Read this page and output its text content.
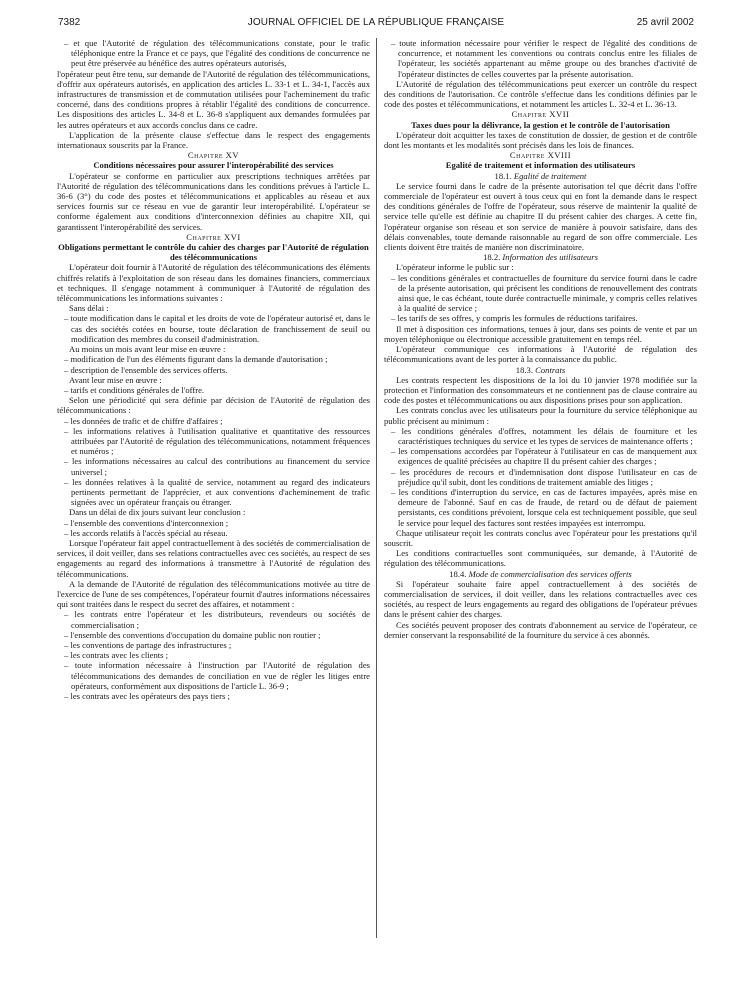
7382	JOURNAL OFFICIEL DE LA RÉPUBLIQUE FRANÇAISE	25 avril 2002

– et que l'Autorité de régulation des télécommunications constate, pour le trafic téléphonique entre la France et ce pays, que l'égalité des conditions de concurrence ne peut être préservée au bénéfice des autres opérateurs autorisés,

l'opérateur peut être tenu, sur demande de l'Autorité de régulation des télécommunications, d'offrir aux opérateurs autorisés, en application des articles L. 33-1 et L. 34-1, l'accès aux infrastructures de transmission et de commutation utilisées pour l'acheminement du trafic concerné, dans des conditions propres à rétablir l'égalité des conditions de concurrence. Les dispositions des articles L. 34-8 et L. 36-8 s'appliquent aux demandes formulées par les autres opérateurs et aux accords conclus dans ce cadre.

L'application de la présente clause s'effectue dans le respect des engagements internationaux souscrits par la France.

Chapitre XV

Conditions nécessaires pour assurer l'interopérabilité des services

L'opérateur se conforme en particulier aux prescriptions techniques arrêtées par l'Autorité de régulation des télécommunications dans les conditions prévues à l'article L. 36-6 (3°) du code des postes et télécommunications et applicables au réseau et aux services fournis sur ce réseau en vue de garantir leur interopérabilité. L'opérateur se conforme également aux conditions d'interconnexion définies au chapitre XII, qui garantissent l'interopérabilité des services.

Chapitre XVI

Obligations permettant le contrôle du cahier des charges par l'Autorité de régulation des télécommunications

L'opérateur doit fournir à l'Autorité de régulation des télécommunications des éléments chiffrés relatifs à l'exploitation de son réseau dans les domaines financiers, commerciaux et techniques. Il s'engage notamment à communiquer à l'Autorité de régulation des télécommunications les informations suivantes :

Sans délai :

– toute modification dans le capital et les droits de vote de l'opérateur autorisé et, dans le cas des sociétés cotées en bourse, toute déclaration de franchissement de seuil ou modification des membres du conseil d'administration.

Au moins un mois avant leur mise en œuvre :

– modification de l'un des éléments figurant dans la demande d'autorisation ;

– description de l'ensemble des services offerts.

Avant leur mise en œuvre :

– tarifs et conditions générales de l'offre.

Selon une périodicité qui sera définie par décision de l'Autorité de régulation des télécommunications :

– les données de trafic et de chiffre d'affaires ;

– les informations relatives à l'utilisation qualitative et quantitative des ressources attribuées par l'Autorité de régulation des télécommunications, notamment fréquences et numéros ;

– les informations nécessaires au calcul des contributions au financement du service universel ;

– les données relatives à la qualité de service, notamment au regard des indicateurs pertinents permettant de l'apprécier, et aux conventions d'acheminement de trafic signées avec un opérateur français ou étranger.

Dans un délai de dix jours suivant leur conclusion :

– l'ensemble des conventions d'interconnexion ;

– les accords relatifs à l'accès spécial au réseau.

Lorsque l'opérateur fait appel contractuellement à des sociétés de commercialisation de services, il doit veiller, dans ses relations contractuelles avec ces sociétés, au respect de ses engagements au regard des informations à transmettre à l'Autorité de régulation des télécommunications.

A la demande de l'Autorité de régulation des télécommunications motivée au titre de l'exercice de l'une de ses compétences, l'opérateur fournit d'autres informations nécessaires qui sont traitées dans le respect du secret des affaires, et notamment :

– les contrats entre l'opérateur et les distributeurs, revendeurs ou sociétés de commercialisation ;

– l'ensemble des conventions d'occupation du domaine public non routier ;

– les conventions de partage des infrastructures ;

– les contrats avec les clients ;

– toute information nécessaire à l'instruction par l'Autorité de régulation des télécommunications des demandes de conciliation en vue de régler les litiges entre opérateurs, conformément aux dispositions de l'article L. 36-9 ;

– les contrats avec les opérateurs des pays tiers ;

– toute information nécessaire pour vérifier le respect de l'égalité des conditions de concurrence, et notamment les conventions ou contrats conclus entre les filiales de l'opérateur, les sociétés appartenant au même groupe ou des branches d'activité de l'opérateur distinctes de celles couvertes par la présente autorisation.

L'Autorité de régulation des télécommunications peut exercer un contrôle du respect des conditions de l'autorisation. Ce contrôle s'effectue dans les conditions définies par le code des postes et télécommunications, et notamment les articles L. 32-4 et L. 36-13.

Chapitre XVII

Taxes dues pour la délivrance, la gestion et le contrôle de l'autorisation

L'opérateur doit acquitter les taxes de constitution de dossier, de gestion et de contrôle dont les montants et les modalités sont précisés dans les lois de finances.

Chapitre XVIII

Egalité de traitement et information des utilisateurs

18.1. Egalité de traitement

Le service fourni dans le cadre de la présente autorisation tel que décrit dans l'offre commerciale de l'opérateur est ouvert à tous ceux qui en font la demande dans le respect des conditions générales de l'offre de l'opérateur, sous réserve de maintenir la qualité de service telle qu'elle est définie au chapitre II du présent cahier des charges. A cette fin, l'opérateur organise son réseau et son service de manière à pouvoir satisfaire, dans des délais convenables, toute demande raisonnable au regard de son offre commerciale. Les clients doivent être traités de manière non discriminatoire.

18.2. Information des utilisateurs

L'opérateur informe le public sur :

– les conditions générales et contractuelles de fourniture du service fourni dans le cadre de la présente autorisation, qui précisent les conditions de renouvellement des contrats ainsi que, le cas échéant, toute durée contractuelle minimale, y compris celles relatives à la qualité de service ;

– les tarifs de ses offres, y compris les formules de réductions tarifaires.

Il met à disposition ces informations, tenues à jour, dans ses points de vente et par un moyen téléphonique ou électronique accessible gratuitement en temps réel.

L'opérateur communique ces informations à l'Autorité de régulation des télécommunications avant de les porter à la connaissance du public.

18.3. Contrats

Les contrats respectent les dispositions de la loi du 10 janvier 1978 modifiée sur la protection et l'information des consommateurs et ne contiennent pas de clause contraire au code des postes et télécommunications ou aux dispositions prises pour son application.

Les contrats conclus avec les utilisateurs pour la fourniture du service téléphonique au public précisent au minimum :

– les conditions générales d'offres, notamment les délais de fourniture et les caractéristiques techniques du service et les types de services de maintenance offerts ;

– les compensations accordées par l'opérateur à l'utilisateur en cas de manquement aux exigences de qualité précisées au chapitre II du présent cahier des charges ;

– les procédures de recours et d'indemnisation dont dispose l'utilisateur en cas de préjudice qu'il subit, dont les conditions de traitement amiable des litiges ;

– les conditions d'interruption du service, en cas de factures impayées, après mise en demeure de l'abonné. Sauf en cas de fraude, de retard ou de défaut de paiement persistants, ces conditions prévoient, lorsque cela est techniquement possible, que seul le service pour lequel des factures sont restées impayées est interrompu.

Chaque utilisateur reçoit les contrats conclus avec l'opérateur pour les prestations qu'il souscrit.

Les conditions contractuelles sont communiquées, sur demande, à l'Autorité de régulation des télécommunications.

18.4. Mode de commercialisation des services offerts

Si l'opérateur souhaite faire appel contractuellement à des sociétés de commercialisation de services, il doit veiller, dans les relations contractuelles avec ces sociétés, au respect de leurs engagements au regard des obligations de l'opérateur prévues dans le présent cahier des charges.

Ces sociétés peuvent proposer des contrats d'abonnement au service de l'opérateur, ce dernier conservant la responsabilité de la fourniture du service à ces abonnés.
